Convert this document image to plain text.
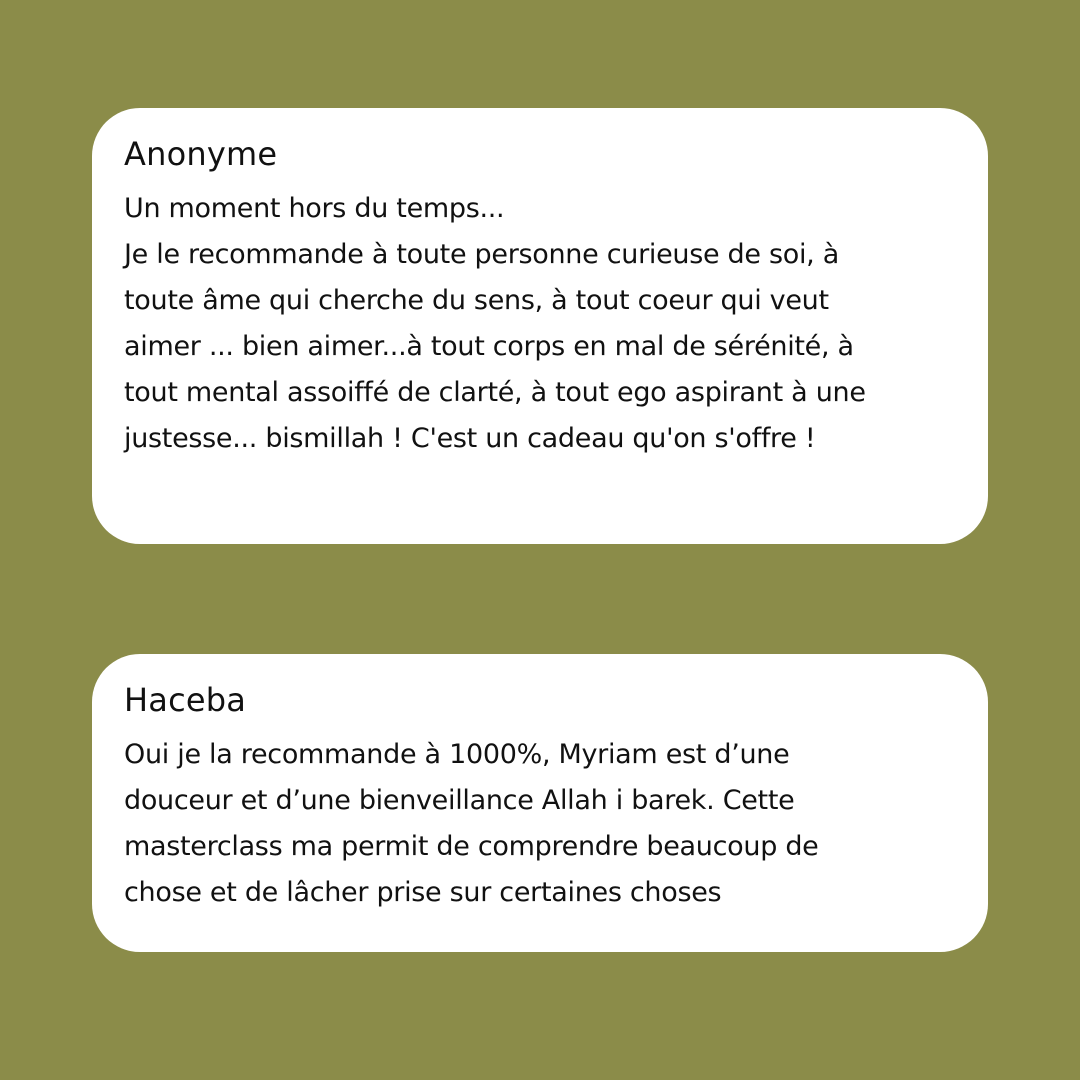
Anonyme
Un moment hors du temps...
Je le recommande à toute personne curieuse de soi, à
toute âme qui cherche du sens, à tout coeur qui veut
aimer ... bien aimer...à tout corps en mal de sérénité, à
tout mental assoiffé de clarté, à tout ego aspirant à une
justesse... bismillah ! C'est un cadeau qu'on s'offre !
Haceba
Oui je la recommande à 1000%, Myriam est d’une
douceur et d’une bienveillance Allah i barek. Cette
masterclass ma permit de comprendre beaucoup de
chose et de lâcher prise sur certaines choses
